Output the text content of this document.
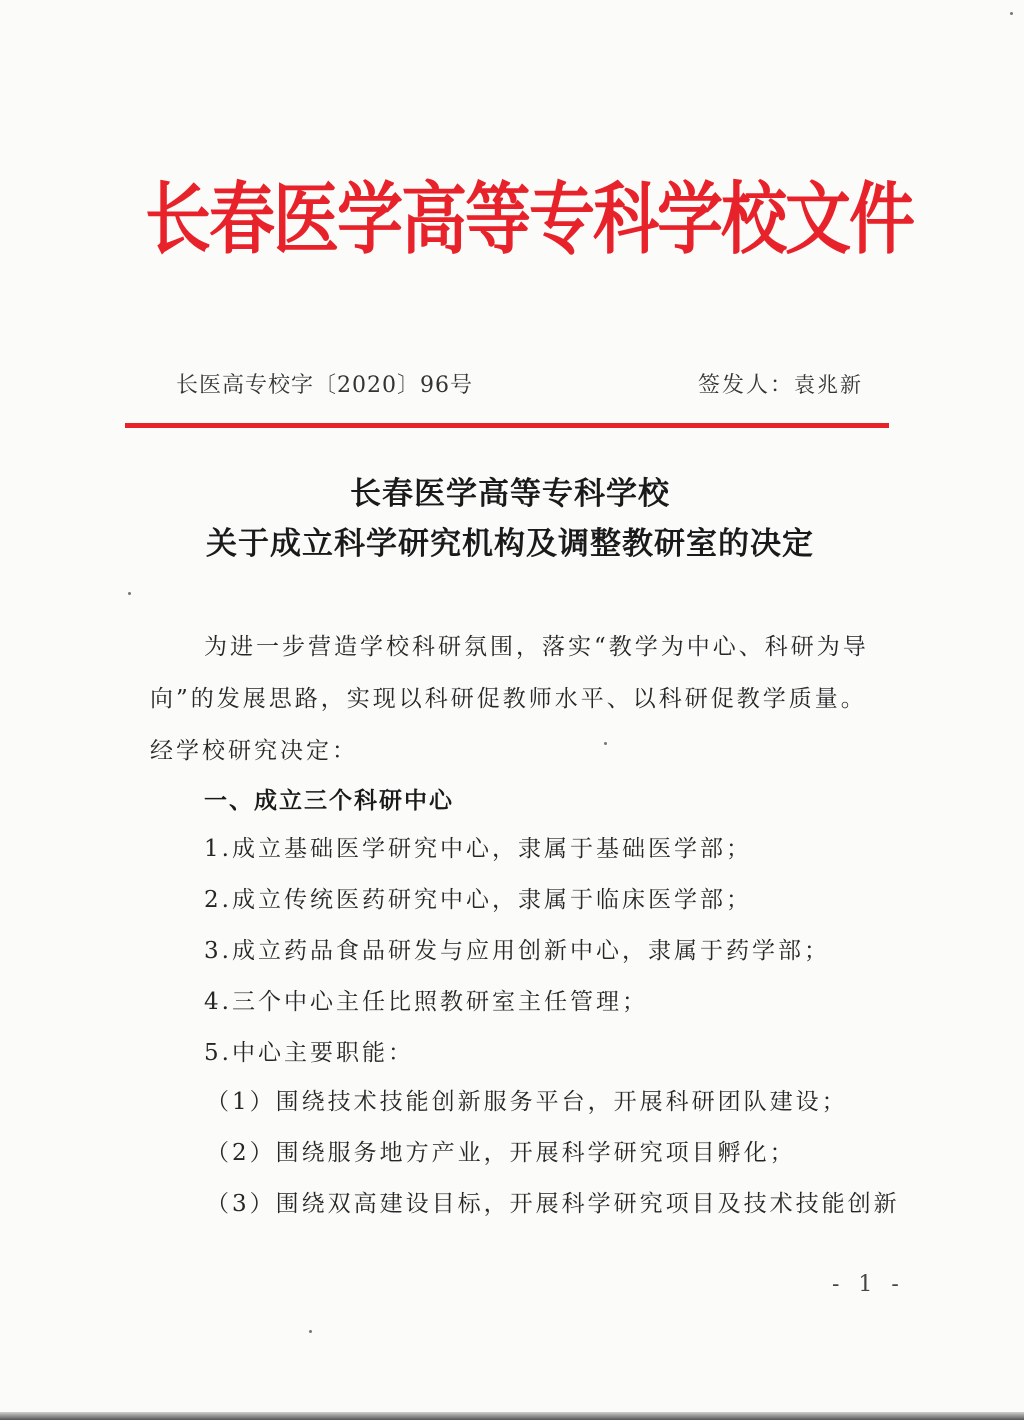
长春医学高等专科学校文件
长医高专校字〔2020〕96号	签发人：袁兆新
长春医学高等专科学校
关于成立科学研究机构及调整教研室的决定
为进一步营造学校科研氛围，落实“教学为中心、科研为导
向”的发展思路，实现以科研促教师水平、以科研促教学质量。
经学校研究决定：
一、成立三个科研中心
1.成立基础医学研究中心，隶属于基础医学部；
2.成立传统医药研究中心，隶属于临床医学部；
3.成立药品食品研发与应用创新中心，隶属于药学部；
4.三个中心主任比照教研室主任管理；
5.中心主要职能：
（1）围绕技术技能创新服务平台，开展科研团队建设；
（2）围绕服务地方产业，开展科学研究项目孵化；
（3）围绕双高建设目标，开展科学研究项目及技术技能创新
- 1 -
